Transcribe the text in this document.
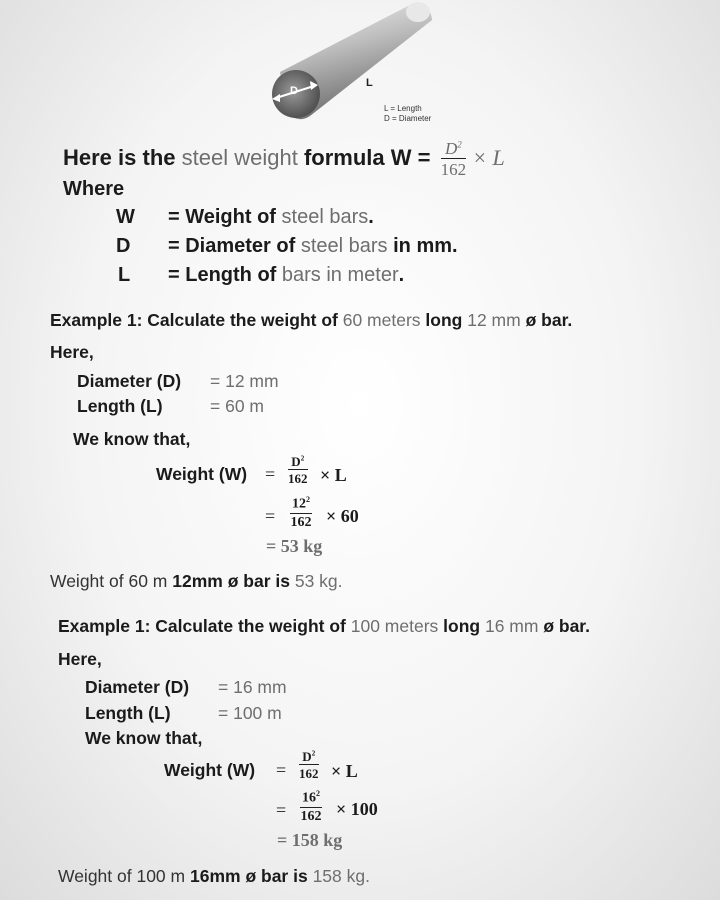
D
L
L = Length
D = Diameter
Here is the steel weight formula $W = \frac{D^2}{162} \times L$
Where
W = Weight of steel bars.
D = Diameter of steel bars in mm.
L = Length of bars in meter.
Example 1: Calculate the weight of 60 meters long 12 mm ø bar.
Here,
Diameter (D) = 12 mm
Length (L)	= 60 m
We know that,
Weight $(W) = \frac{D^2}{162} \times L$
= $\frac{12^2}{162} \times 60$
= 53 kg
Weight of 60 m 12mm ø bar is 53 kg.
Example 1: Calculate the weight of 100 meters long 16 mm ø bar.
Here,
Diameter (D) = 16 mm
Length (L)	= 100 m
We know that,
Weight $(W) = \frac{D^2}{162} \times L$
= $\frac{16^2}{162} \times 100$
= 158 kg
Weight of 100 m 16mm ø bar is 158 kg.
